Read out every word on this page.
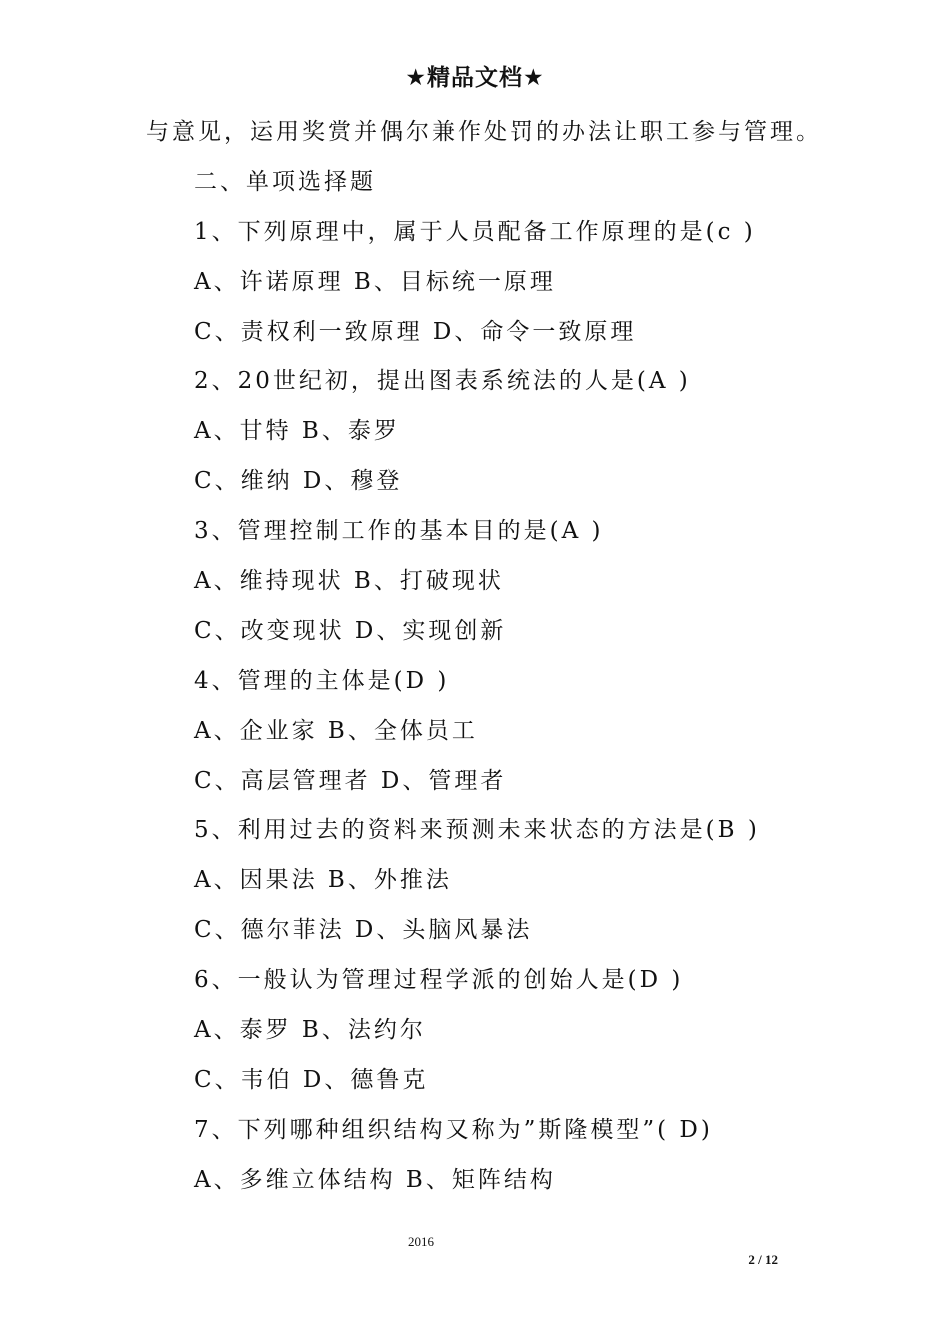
★精品文档★
与意见，运用奖赏并偶尔兼作处罚的办法让职工参与管理。
二、单项选择题
1、下列原理中，属于人员配备工作原理的是(c )
A、许诺原理 B、目标统一原理
C、责权利一致原理 D、命令一致原理
2、20世纪初，提出图表系统法的人是(A )
A、甘特 B、泰罗
C、维纳 D、穆登
3、管理控制工作的基本目的是(A )
A、维持现状 B、打破现状
C、改变现状 D、实现创新
4、管理的主体是(D )
A、企业家 B、全体员工
C、高层管理者 D、管理者
5、利用过去的资料来预测未来状态的方法是(B )
A、因果法 B、外推法
C、德尔菲法 D、头脑风暴法
6、一般认为管理过程学派的创始人是(D )
A、泰罗 B、法约尔
C、韦伯 D、德鲁克
7、下列哪种组织结构又称为”斯隆模型”( D)
A、多维立体结构 B、矩阵结构
2016
2 / 12
